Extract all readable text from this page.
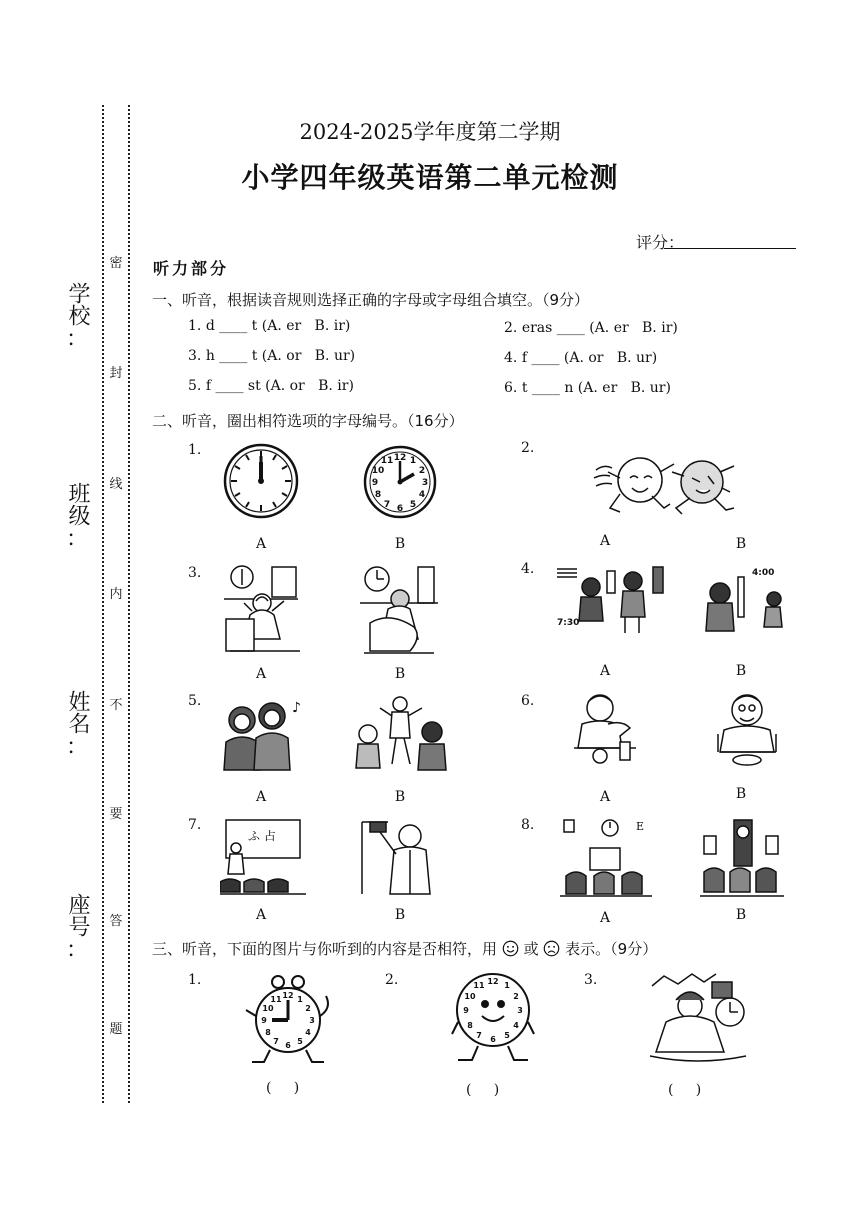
学校
：
班级
：
姓名
：
座号
：
密
封
线
内
不
要
答
题
2024-2025学年度第二学期
小学四年级英语第二单元检测
评分：
听力部分
一、听音，根据读音规则选择正确的字母或字母组合填空。（9分）
1. d ____ t (A. er   B. ir)	2. eras ____ (A. er   B. ir)
3. h ____ t (A. or   B. ur)	4. f ____ (A. or   B. ur)
5. f ____ st (A. or   B. ir)	6. t ____ n (A. er   B. ur)
二、听音，圈出相符选项的字母编号。（16分）
1.	2.
3.	4.
5.	6.
7.	8.
A	B	A	B
A	B	A	B
A	B	A	B
A	B	A	B
12 1
2
3
4
5
6
7
8
9
10
11
7:30
4:00
♪
ふ 占
E
三、听音，下面的图片与你听到的内容是否相符，用 或 表示。（9分）
1.	2.	3.
12
3
6
9
1
2
4
5
7
8
10
11
12
3
6
9
1
2
4
5
7
8
10
11
(     )	(     )	(     )
